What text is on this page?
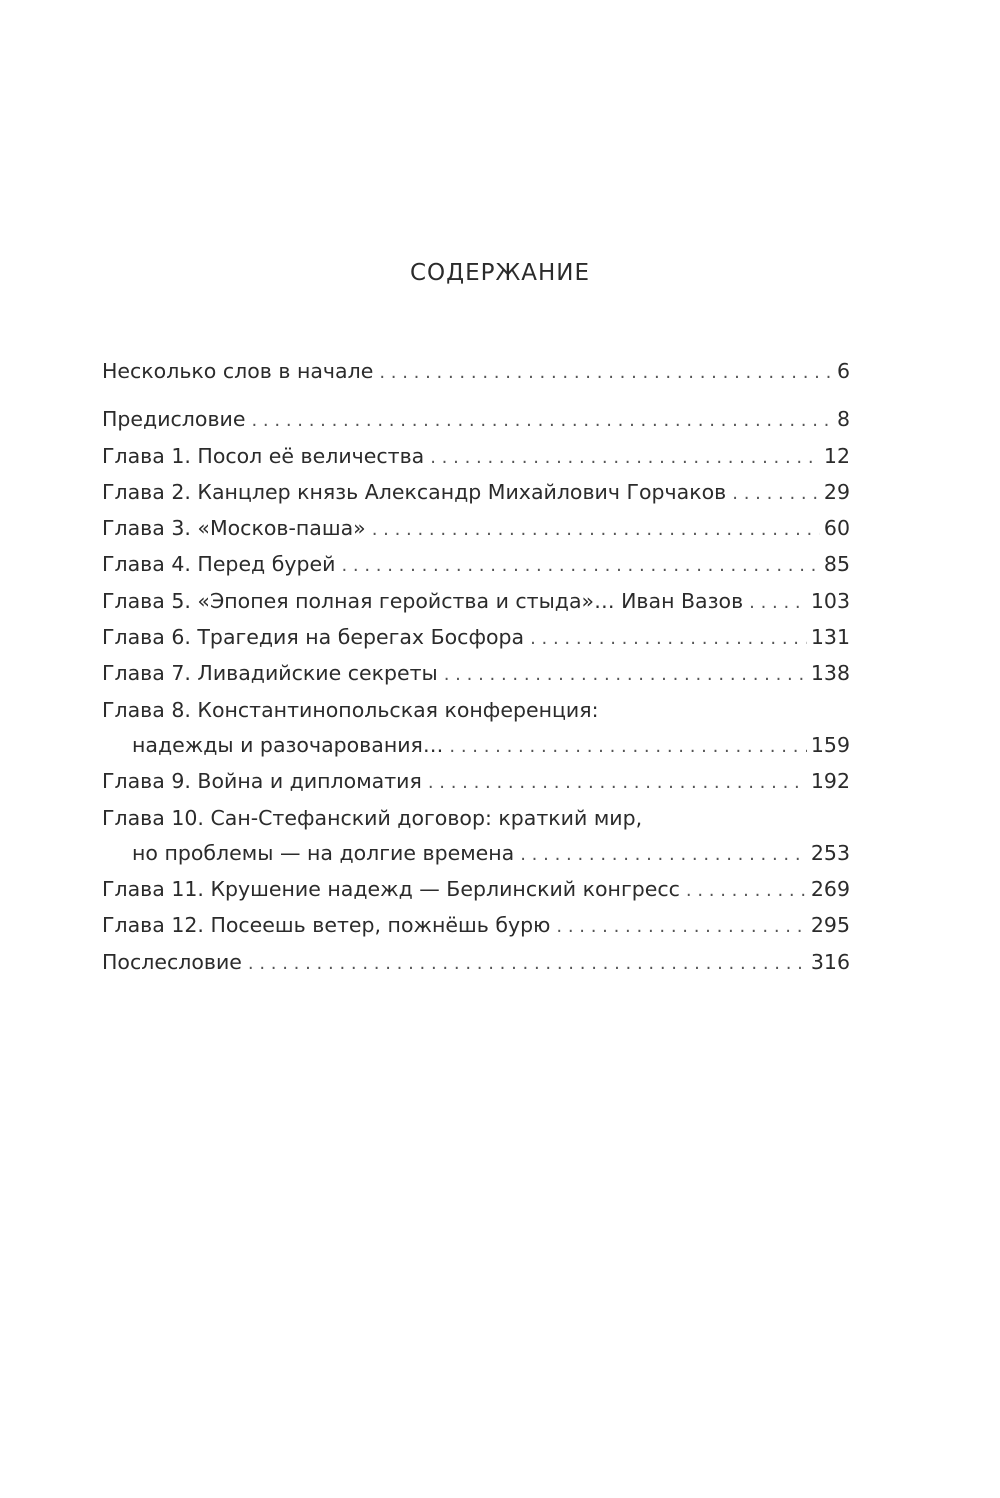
СОДЕРЖАНИЕ
Несколько слов в начале . . .	6
Предисловие . . .	8
Глава 1. Посол её величества . . .	12
Глава 2. Канцлер князь Александр Михайлович Горчаков . . .	29
Глава 3. «Москов-паша» . . .	60
Глава 4. Перед бурей . . .	85
Глава 5. «Эпопея полная геройства и стыда»… Иван Вазов . . .	103
Глава 6. Трагедия на берегах Босфора . . .	131
Глава 7. Ливадийские секреты . . .	138
Глава 8. Константинопольская конференция:
надежды и разочарования… . . .	159
Глава 9. Война и дипломатия . . .	192
Глава 10. Сан-Стефанский договор: краткий мир,
но проблемы — на долгие времена . . .	253
Глава 11. Крушение надежд — Берлинский конгресс . . .	269
Глава 12. Посеешь ветер, пожнёшь бурю . . .	295
Послесловие . . .	316
